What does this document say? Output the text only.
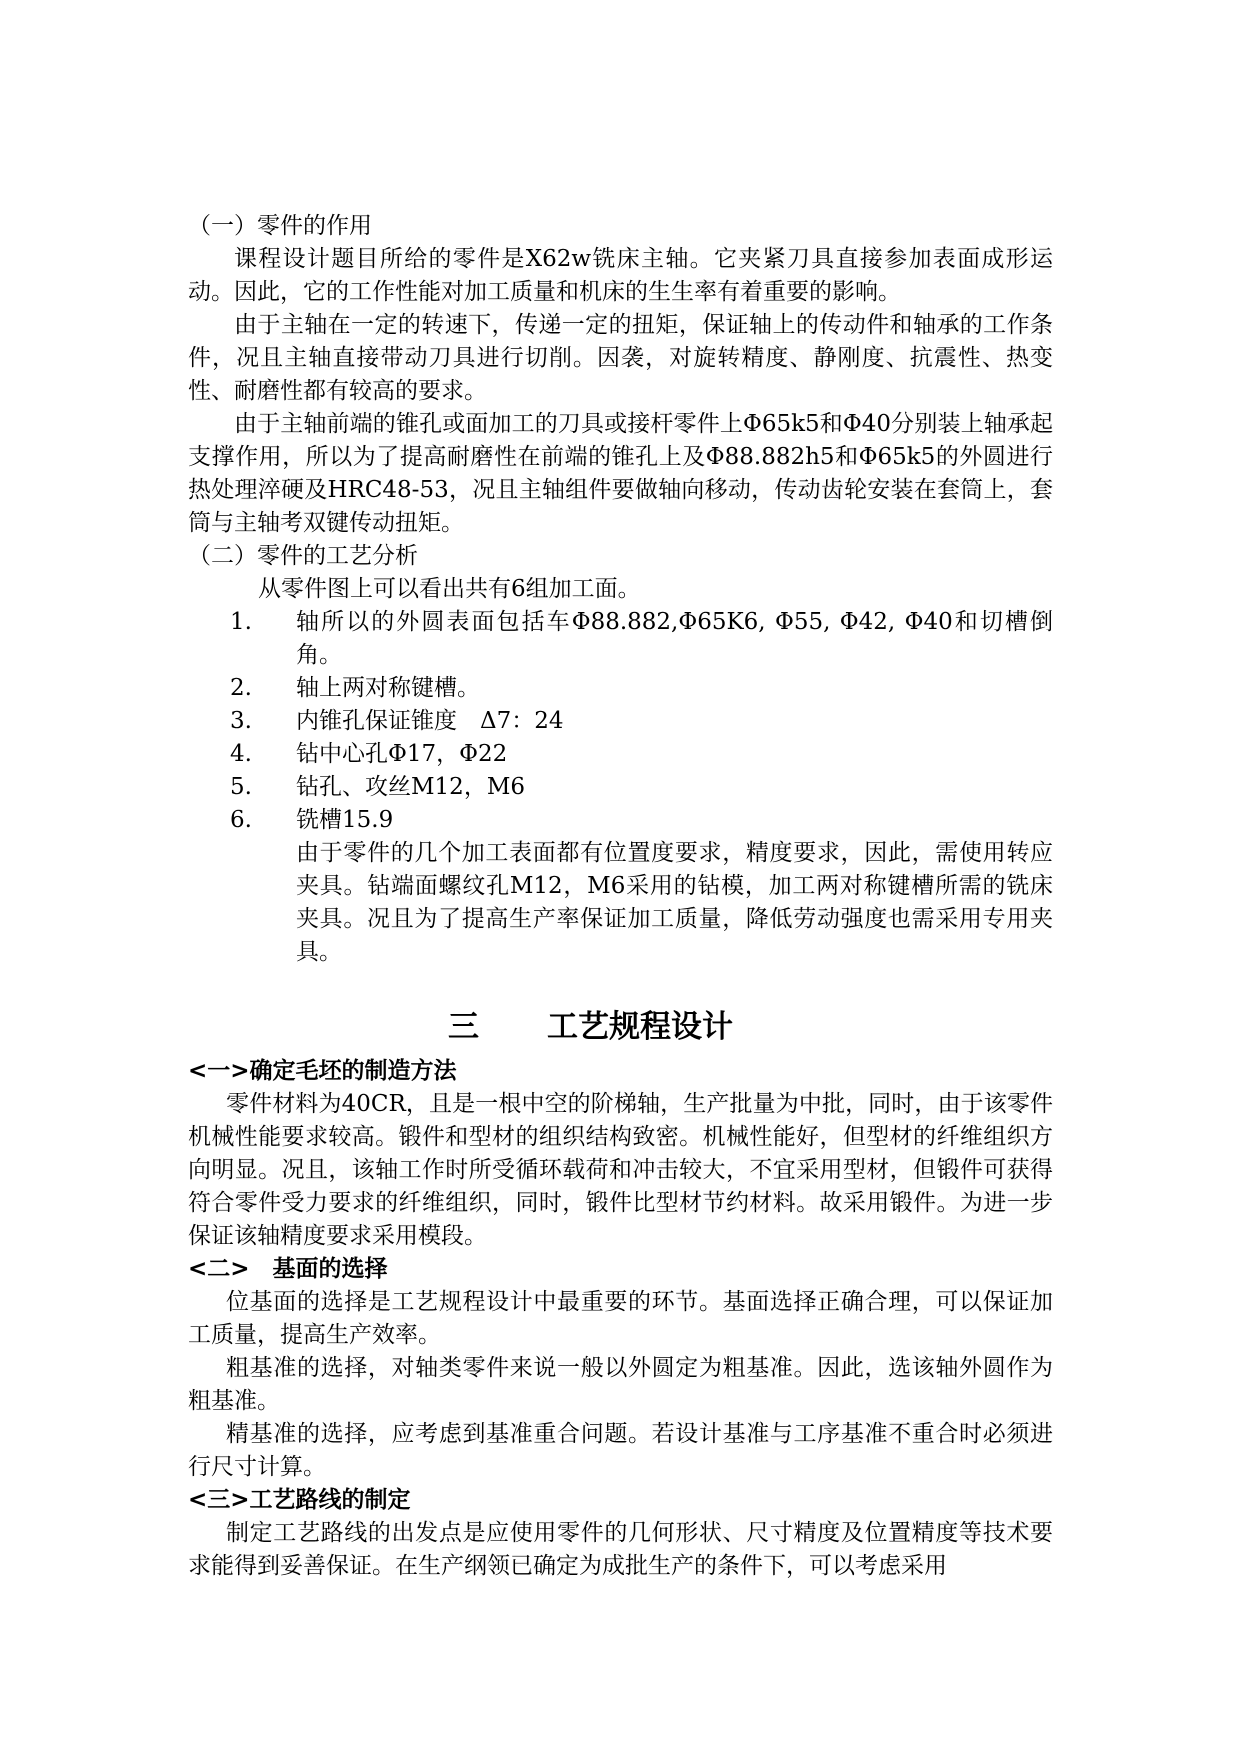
（一）零件的作用

课程设计题目所给的零件是X62w铣床主轴。它夹紧刀具直接参加表面成形运动。因此，它的工作性能对加工质量和机床的生生率有着重要的影响。

由于主轴在一定的转速下，传递一定的扭矩，保证轴上的传动件和轴承的工作条件，况且主轴直接带动刀具进行切削。因袭，对旋转精度、静刚度、抗震性、热变性、耐磨性都有较高的要求。

由于主轴前端的锥孔或面加工的刀具或接杆零件上Φ65k5和Φ40分别装上轴承起支撑作用，所以为了提高耐磨性在前端的锥孔上及Φ88.882h5和Φ65k5的外圆进行热处理淬硬及HRC48-53，况且主轴组件要做轴向移动，传动齿轮安装在套筒上，套筒与主轴考双键传动扭矩。

（二）零件的工艺分析

从零件图上可以看出共有6组加工面。

1.	轴所以的外圆表面包括车Φ88.882,Φ65K6, Φ55, Φ42, Φ40和切槽倒角。
2.	轴上两对称键槽。
3.	内锥孔保证锥度　Δ7：24
4.	钻中心孔Φ17，Φ22
5.	钻孔、攻丝M12，M6
6.	铣槽15.9

由于零件的几个加工表面都有位置度要求，精度要求，因此，需使用转应夹具。钻端面螺纹孔M12，M6采用的钻模，加工两对称键槽所需的铣床夹具。况且为了提高生产率保证加工质量，降低劳动强度也需采用专用夹具。

三 工艺规程设计

<一>确定毛坯的制造方法

零件材料为40CR，且是一根中空的阶梯轴，生产批量为中批，同时，由于该零件机械性能要求较高。锻件和型材的组织结构致密。机械性能好，但型材的纤维组织方向明显。况且，该轴工作时所受循环载荷和冲击较大，不宜采用型材，但锻件可获得符合零件受力要求的纤维组织，同时，锻件比型材节约材料。故采用锻件。为进一步保证该轴精度要求采用模段。

<二>　基面的选择

位基面的选择是工艺规程设计中最重要的环节。基面选择正确合理，可以保证加工质量，提高生产效率。

粗基准的选择，对轴类零件来说一般以外圆定为粗基准。因此，选该轴外圆作为粗基准。

精基准的选择，应考虑到基准重合问题。若设计基准与工序基准不重合时必须进行尺寸计算。

<三>工艺路线的制定

制定工艺路线的出发点是应使用零件的几何形状、尺寸精度及位置精度等技术要求能得到妥善保证。在生产纲领已确定为成批生产的条件下，可以考虑采用
